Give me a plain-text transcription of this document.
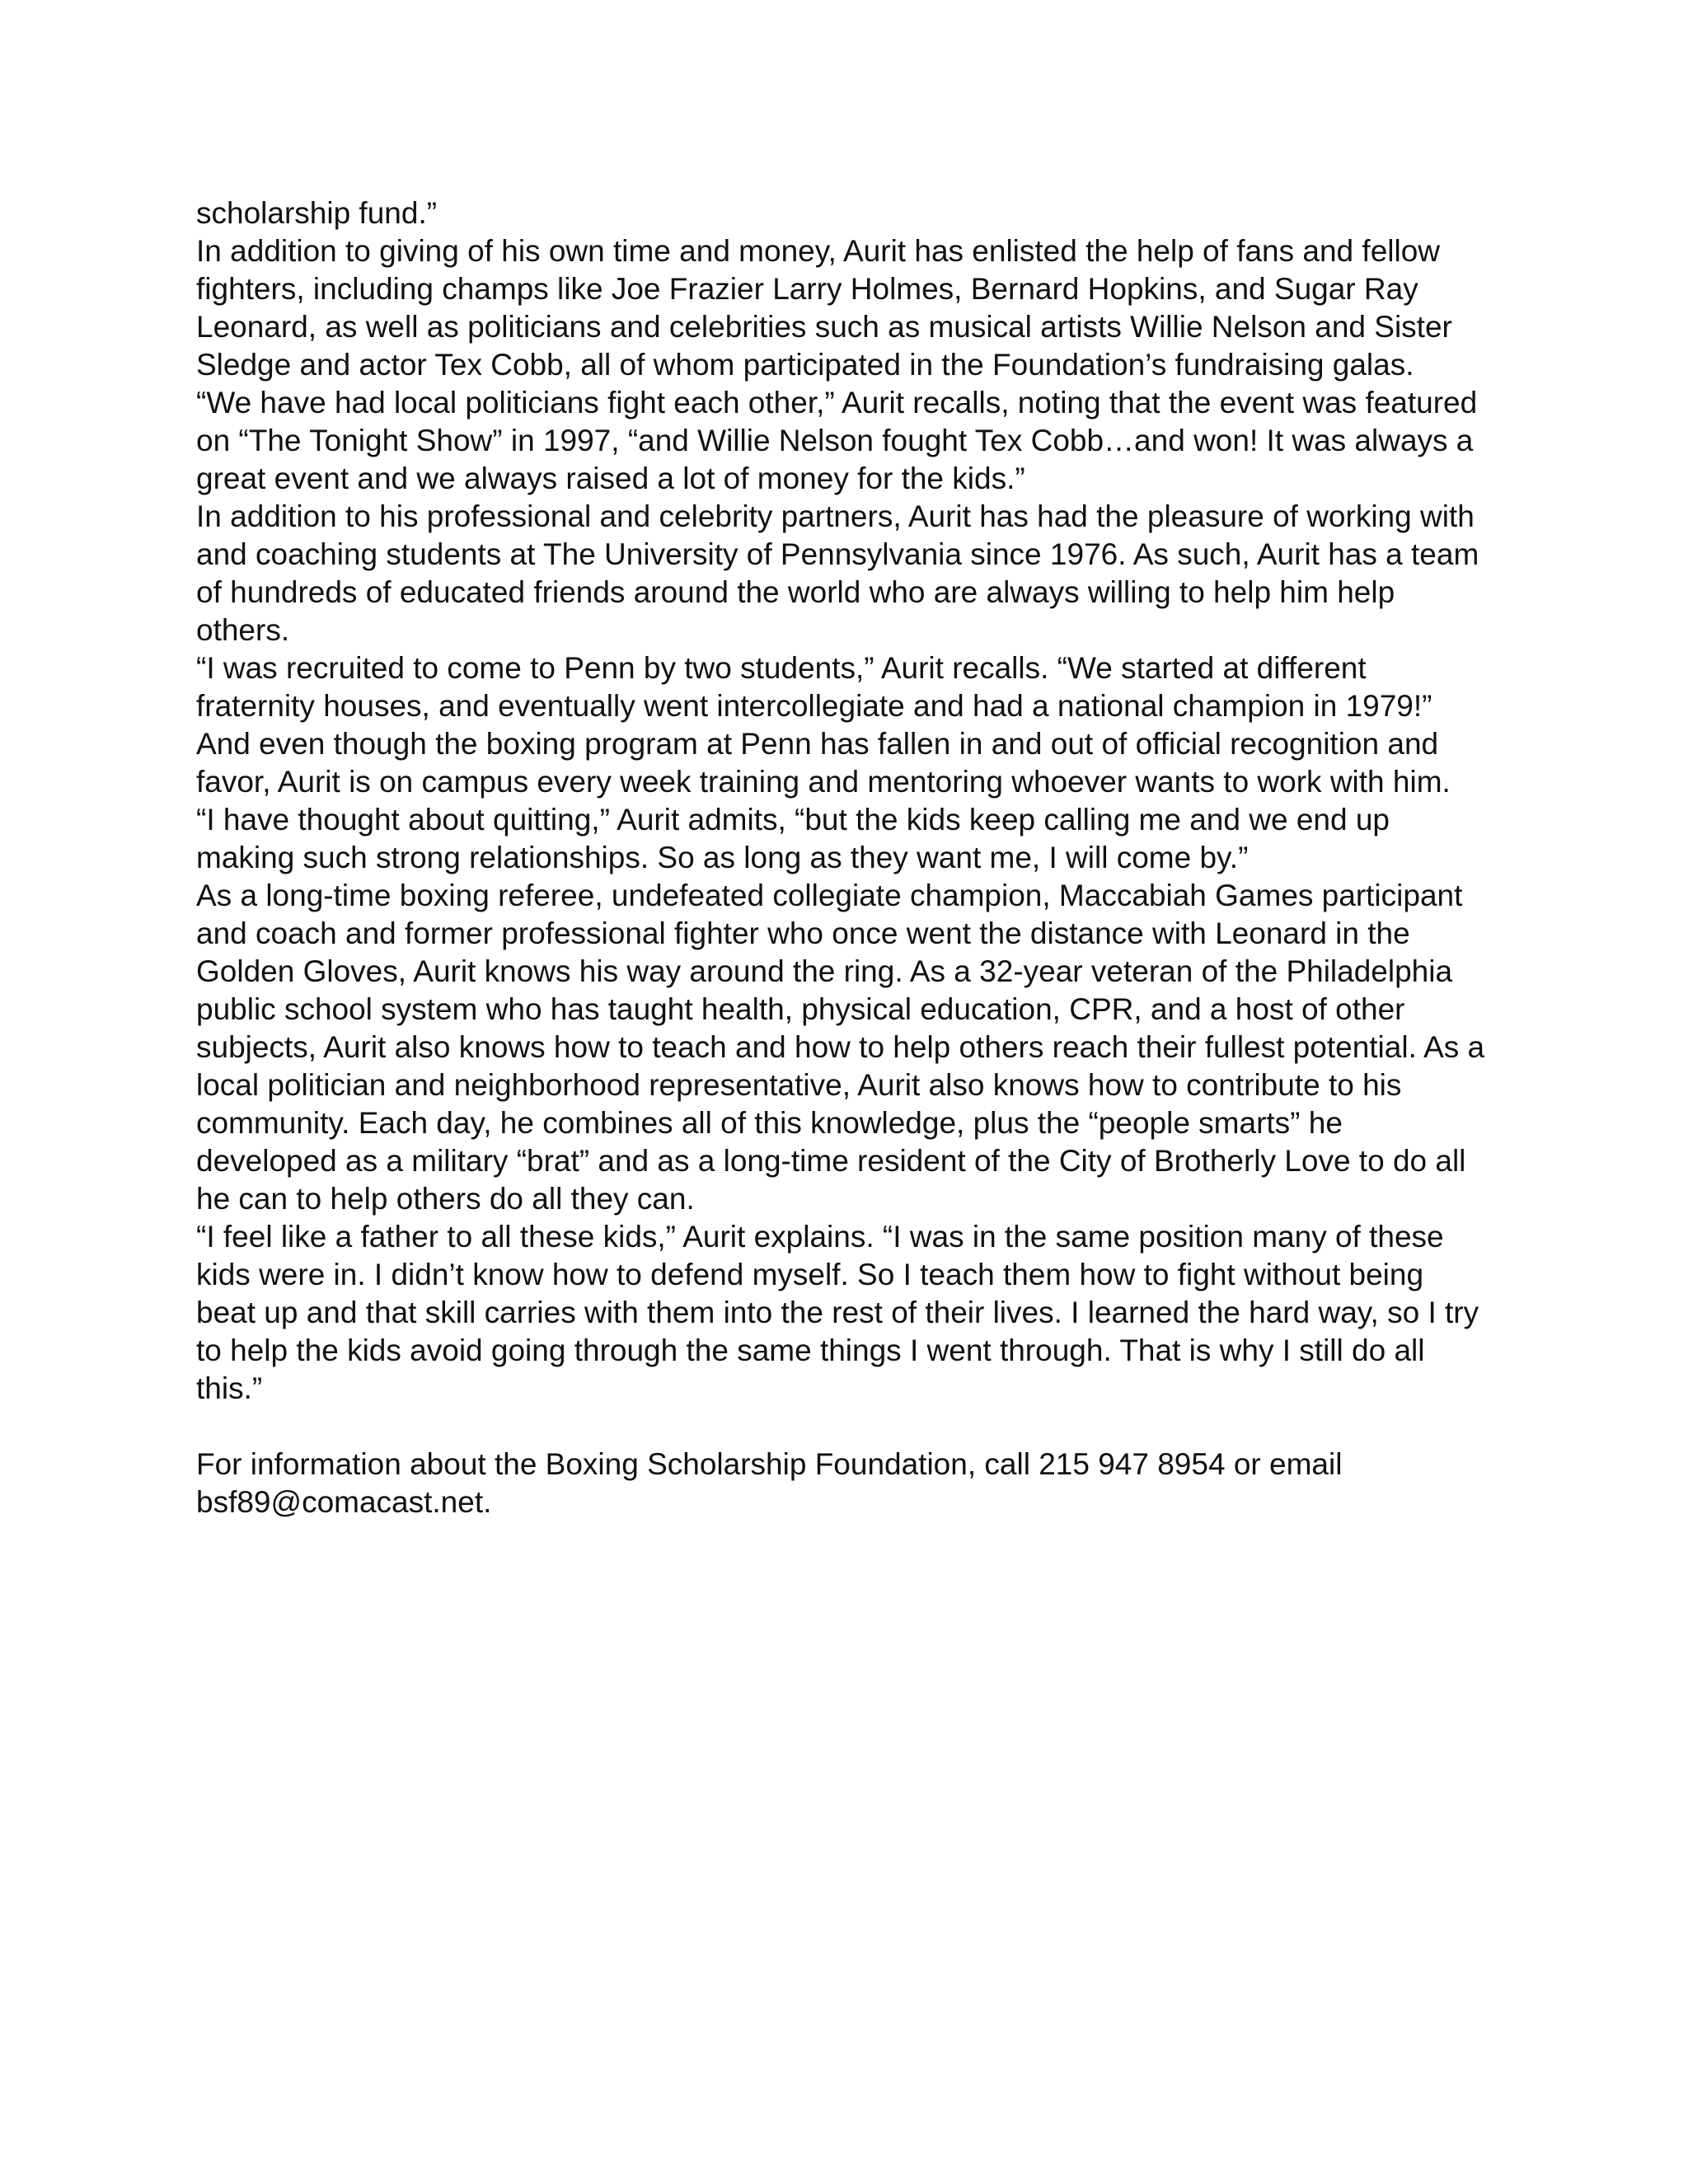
scholarship fund.”

In addition to giving of his own time and money, Aurit has enlisted the help of fans and fellow fighters, including champs like Joe Frazier Larry Holmes, Bernard Hopkins, and Sugar Ray Leonard, as well as politicians and celebrities such as musical artists Willie Nelson and Sister Sledge and actor Tex Cobb, all of whom participated in the Foundation’s fundraising galas.

“We have had local politicians fight each other,” Aurit recalls, noting that the event was featured on “The Tonight Show” in 1997, “and Willie Nelson fought Tex Cobb…and won! It was always a great event and we always raised a lot of money for the kids.”

In addition to his professional and celebrity partners, Aurit has had the pleasure of working with and coaching students at The University of Pennsylvania since 1976. As such, Aurit has a team of hundreds of educated friends around the world who are always willing to help him help others.

“I was recruited to come to Penn by two students,” Aurit recalls. “We started at different fraternity houses, and eventually went intercollegiate and had a national champion in 1979!”

And even though the boxing program at Penn has fallen in and out of official recognition and favor, Aurit is on campus every week training and mentoring whoever wants to work with him.

“I have thought about quitting,” Aurit admits, “but the kids keep calling me and we end up making such strong relationships. So as long as they want me, I will come by.”

As a long-time boxing referee, undefeated collegiate champion, Maccabiah Games participant and coach and former professional fighter who once went the distance with Leonard in the Golden Gloves, Aurit knows his way around the ring. As a 32-year veteran of the Philadelphia public school system who has taught health, physical education, CPR, and a host of other subjects, Aurit also knows how to teach and how to help others reach their fullest potential. As a local politician and neighborhood representative, Aurit also knows how to contribute to his community. Each day, he combines all of this knowledge, plus the “people smarts” he developed as a military “brat” and as a long-time resident of the City of Brotherly Love to do all he can to help others do all they can.

“I feel like a father to all these kids,” Aurit explains. “I was in the same position many of these kids were in. I didn’t know how to defend myself. So I teach them how to fight without being beat up and that skill carries with them into the rest of their lives. I learned the hard way, so I try to help the kids avoid going through the same things I went through. That is why I still do all this.”

For information about the Boxing Scholarship Foundation, call 215 947 8954 or email bsf89@comacast.net.
